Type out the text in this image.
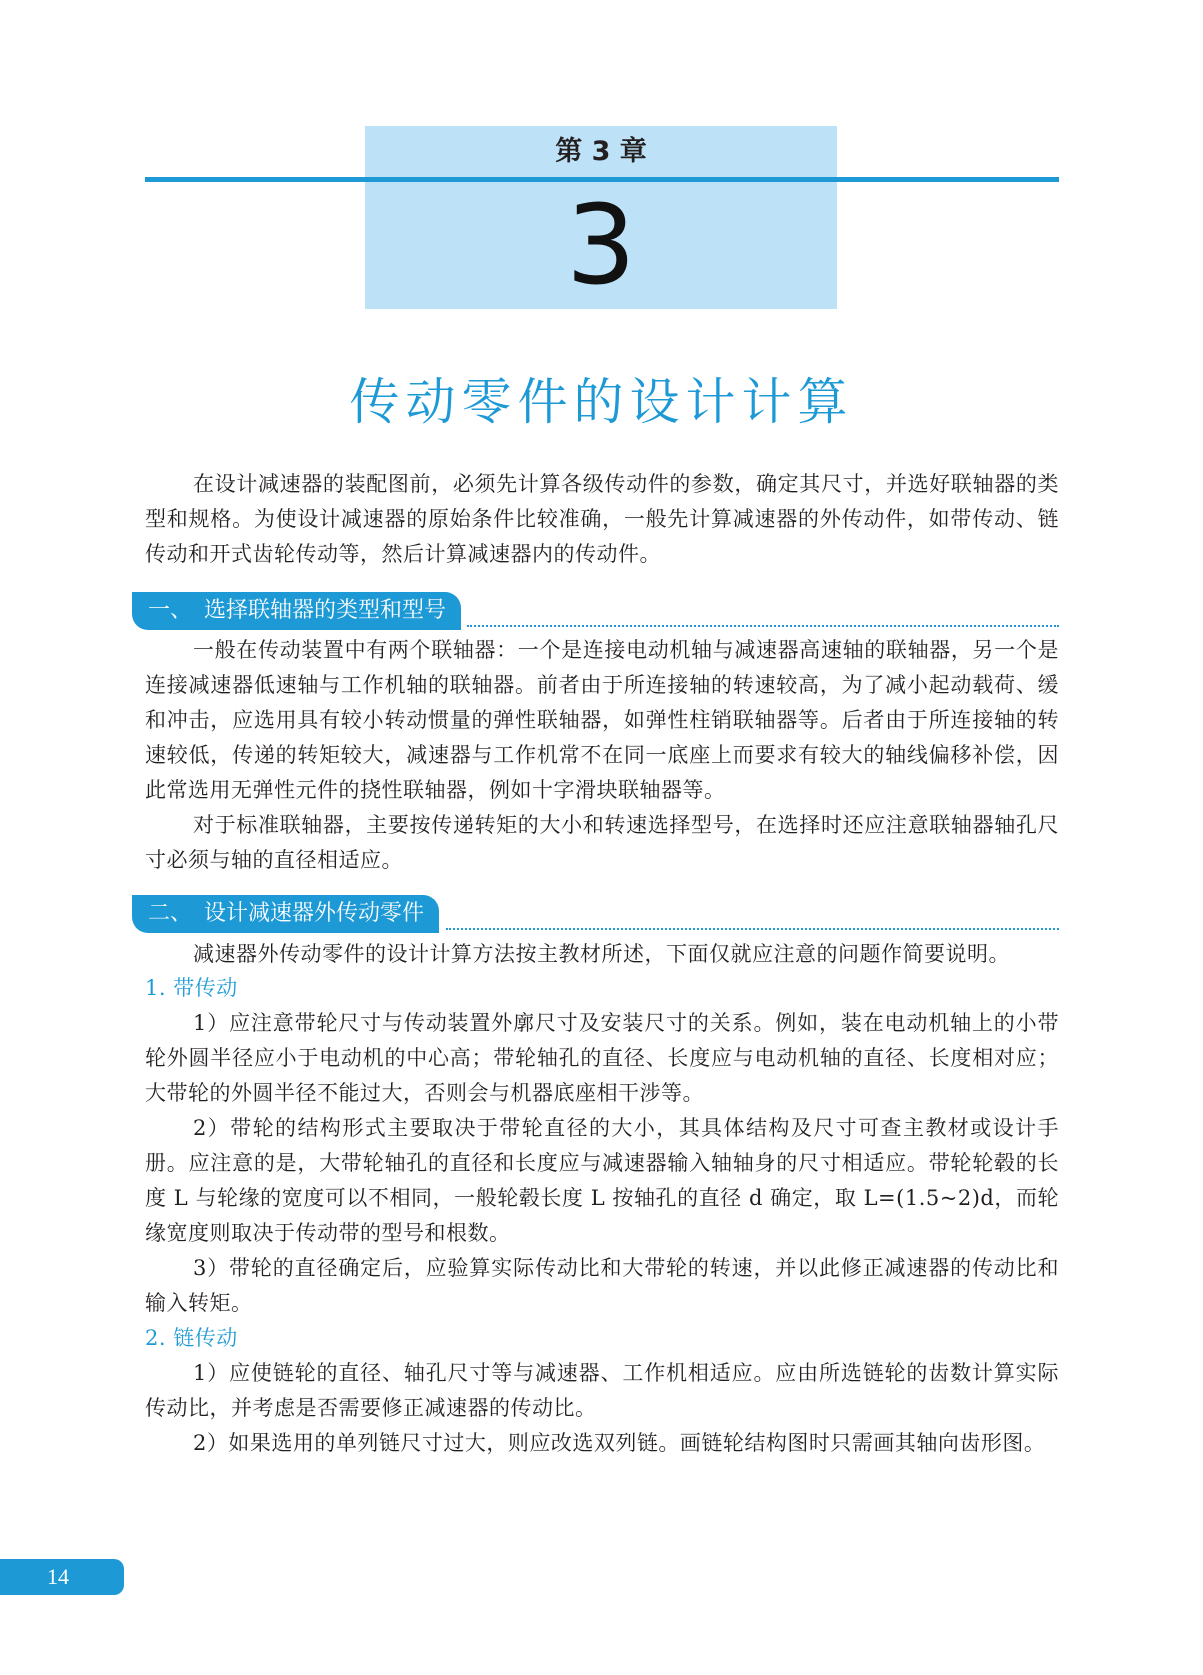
第 3 章
3
传动零件的设计计算

在设计减速器的装配图前，必须先计算各级传动件的参数，确定其尺寸，并选好联轴器的类型和规格。为使设计减速器的原始条件比较准确，一般先计算减速器的外传动件，如带传动、链传动和开式齿轮传动等，然后计算减速器内的传动件。

一、 选择联轴器的类型和型号

一般在传动装置中有两个联轴器：一个是连接电动机轴与减速器高速轴的联轴器，另一个是连接减速器低速轴与工作机轴的联轴器。前者由于所连接轴的转速较高，为了减小起动载荷、缓和冲击，应选用具有较小转动惯量的弹性联轴器，如弹性柱销联轴器等。后者由于所连接轴的转速较低，传递的转矩较大，减速器与工作机常不在同一底座上而要求有较大的轴线偏移补偿，因此常选用无弹性元件的挠性联轴器，例如十字滑块联轴器等。

对于标准联轴器，主要按传递转矩的大小和转速选择型号，在选择时还应注意联轴器轴孔尺寸必须与轴的直径相适应。

二、 设计减速器外传动零件

减速器外传动零件的设计计算方法按主教材所述，下面仅就应注意的问题作简要说明。

1. 带传动

1）应注意带轮尺寸与传动装置外廓尺寸及安装尺寸的关系。例如，装在电动机轴上的小带轮外圆半径应小于电动机的中心高；带轮轴孔的直径、长度应与电动机轴的直径、长度相对应；大带轮的外圆半径不能过大，否则会与机器底座相干涉等。

2）带轮的结构形式主要取决于带轮直径的大小，其具体结构及尺寸可查主教材或设计手册。应注意的是，大带轮轴孔的直径和长度应与减速器输入轴轴身的尺寸相适应。带轮轮毂的长度 L 与轮缘的宽度可以不相同，一般轮毂长度 L 按轴孔的直径 d 确定，取 L=(1.5~2)d，而轮缘宽度则取决于传动带的型号和根数。

3）带轮的直径确定后，应验算实际传动比和大带轮的转速，并以此修正减速器的传动比和输入转矩。

2. 链传动

1）应使链轮的直径、轴孔尺寸等与减速器、工作机相适应。应由所选链轮的齿数计算实际传动比，并考虑是否需要修正减速器的传动比。

2）如果选用的单列链尺寸过大，则应改选双列链。画链轮结构图时只需画其轴向齿形图。

14
